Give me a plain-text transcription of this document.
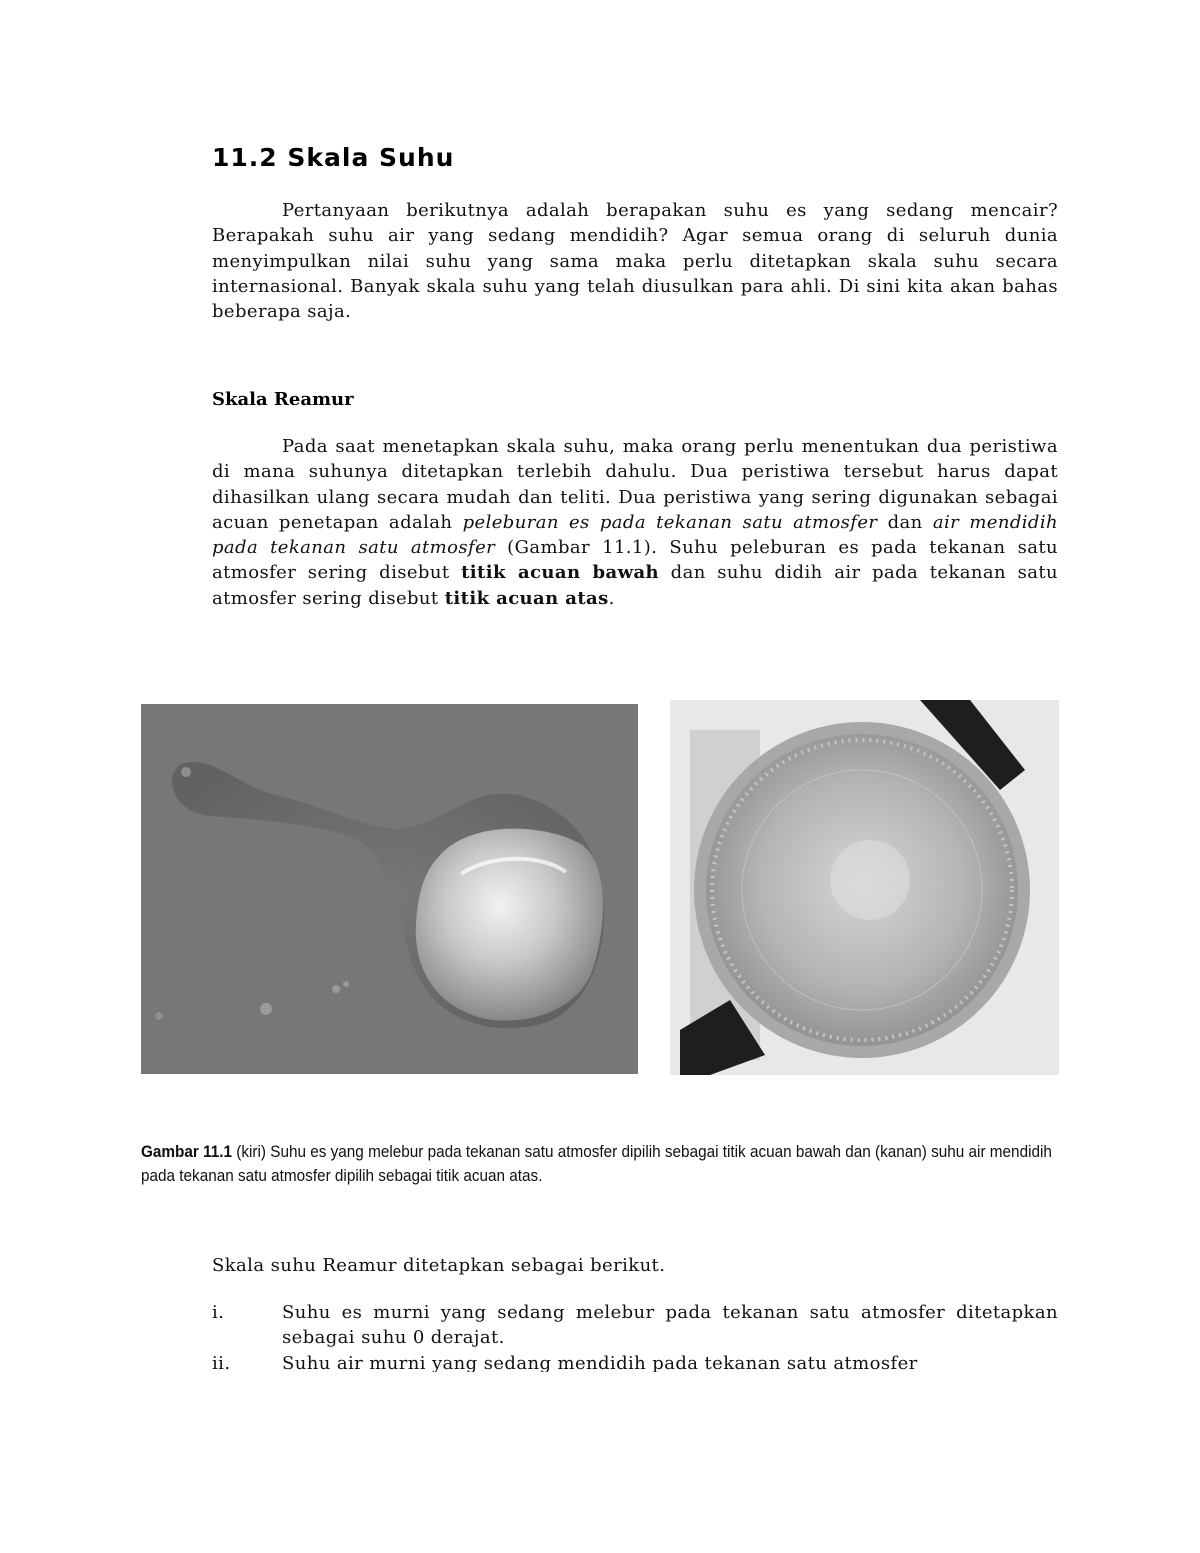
11.2 Skala Suhu

Pertanyaan berikutnya adalah berapakan suhu es yang sedang mencair? Berapakah suhu air yang sedang mendidih? Agar semua orang di seluruh dunia menyimpulkan nilai suhu yang sama maka perlu ditetapkan skala suhu secara internasional. Banyak skala suhu yang telah diusulkan para ahli. Di sini kita akan bahas beberapa saja.

Skala Reamur

Pada saat menetapkan skala suhu, maka orang perlu menentukan dua peristiwa di mana suhunya ditetapkan terlebih dahulu. Dua peristiwa tersebut harus dapat dihasilkan ulang secara mudah dan teliti. Dua peristiwa yang sering digunakan sebagai acuan penetapan adalah peleburan es pada tekanan satu atmosfer dan air mendidih pada tekanan satu atmosfer (Gambar 11.1). Suhu peleburan es pada tekanan satu atmosfer sering disebut titik acuan bawah dan suhu didih air pada tekanan satu atmosfer sering disebut titik acuan atas.

Gambar 11.1 (kiri) Suhu es yang melebur pada tekanan satu atmosfer dipilih sebagai titik acuan bawah dan (kanan) suhu air mendidih pada tekanan satu atmosfer dipilih sebagai titik acuan atas.

Skala suhu Reamur ditetapkan sebagai berikut.

i.	Suhu es murni yang sedang melebur pada tekanan satu atmosfer ditetapkan sebagai suhu 0 derajat.
ii.	Suhu air murni yang sedang mendidih pada tekanan satu atmosfer
